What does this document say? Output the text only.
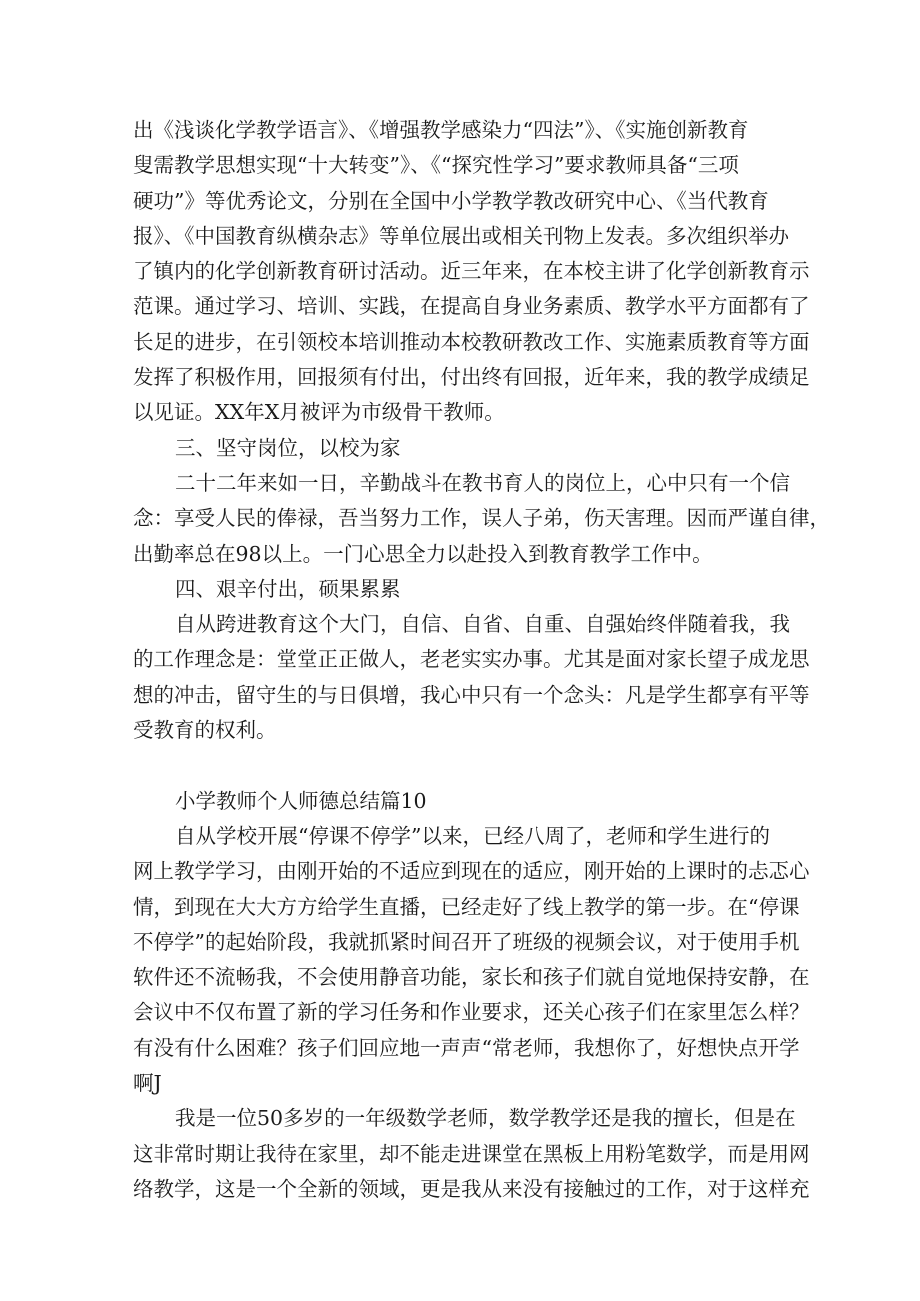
出《浅谈化学教学语言》、《增强教学感染力“四法”》、《实施创新教育
叟需教学思想实现“十大转变”》、《“探究性学习”要求教师具备“三项
硬功”》等优秀论文，分别在全国中小学教学教改研究中心、《当代教育
报》、《中国教育纵横杂志》等单位展出或相关刊物上发表。多次组织举办
了镇内的化学创新教育研讨活动。近三年来，在本校主讲了化学创新教育示
范课。通过学习、培训、实践，在提高自身业务素质、教学水平方面都有了
长足的进步，在引领校本培训推动本校教研教改工作、实施素质教育等方面
发挥了积极作用，回报须有付出，付出终有回报，近年来，我的教学成绩足
以见证。XX年X月被评为市级骨干教师。
三、坚守岗位，以校为家
二十二年来如一日，辛勤战斗在教书育人的岗位上，心中只有一个信
念：享受人民的俸禄，吾当努力工作，误人子弟，伤天害理。因而严谨自律，
出勤率总在98以上。一门心思全力以赴投入到教育教学工作中。
四、艰辛付出，硕果累累
自从跨进教育这个大门，自信、自省、自重、自强始终伴随着我，我
的工作理念是：堂堂正正做人，老老实实办事。尤其是面对家长望子成龙思
想的冲击，留守生的与日俱增，我心中只有一个念头：凡是学生都享有平等
受教育的权利。
小学教师个人师德总结篇10
自从学校开展“停课不停学”以来，已经八周了，老师和学生进行的
网上教学学习，由刚开始的不适应到现在的适应，刚开始的上课时的忐忑心
情，到现在大大方方给学生直播，已经走好了线上教学的第一步。在“停课
不停学”的起始阶段，我就抓紧时间召开了班级的视频会议，对于使用手机
软件还不流畅我，不会使用静音功能，家长和孩子们就自觉地保持安静，在
会议中不仅布置了新的学习任务和作业要求，还关心孩子们在家里怎么样？
有没有什么困难？孩子们回应地一声声“常老师，我想你了，好想快点开学
啊J
我是一位50多岁的一年级数学老师，数学教学还是我的擅长，但是在
这非常时期让我待在家里，却不能走进课堂在黑板上用粉笔数学，而是用网
络教学，这是一个全新的领域，更是我从来没有接触过的工作，对于这样充
